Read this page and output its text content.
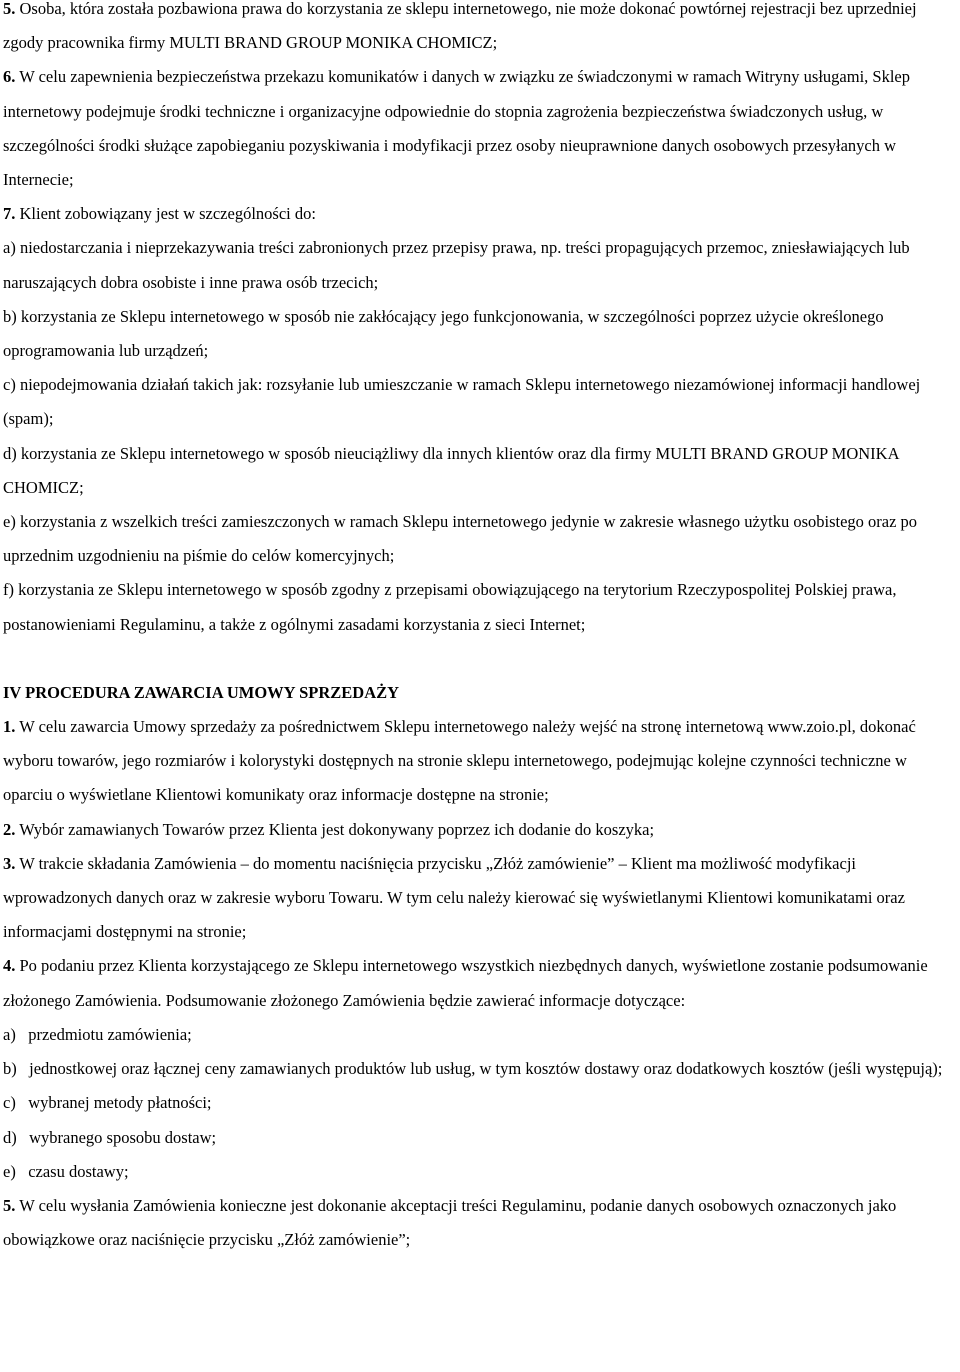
5. Osoba, która została pozbawiona prawa do korzystania ze sklepu internetowego, nie może dokonać powtórnej rejestracji bez uprzedniej zgody pracownika firmy MULTI BRAND GROUP MONIKA CHOMICZ;

6. W celu zapewnienia bezpieczeństwa przekazu komunikatów i danych w związku ze świadczonymi w ramach Witryny usługami, Sklep internetowy podejmuje środki techniczne i organizacyjne odpowiednie do stopnia zagrożenia bezpieczeństwa świadczonych usług, w szczególności środki służące zapobieganiu pozyskiwania i modyfikacji przez osoby nieuprawnione danych osobowych przesyłanych w Internecie;

7. Klient zobowiązany jest w szczególności do:

a) niedostarczania i nieprzekazywania treści zabronionych przez przepisy prawa, np. treści propagujących przemoc, zniesławiających lub naruszających dobra osobiste i inne prawa osób trzecich;

b) korzystania ze Sklepu internetowego w sposób nie zakłócający jego funkcjonowania, w szczególności poprzez użycie określonego oprogramowania lub urządzeń;

c) niepodejmowania działań takich jak: rozsyłanie lub umieszczanie w ramach Sklepu internetowego niezamówionej informacji handlowej (spam);

d) korzystania ze Sklepu internetowego w sposób nieuciążliwy dla innych klientów oraz dla firmy MULTI BRAND GROUP MONIKA CHOMICZ;

e) korzystania z wszelkich treści zamieszczonych w ramach Sklepu internetowego jedynie w zakresie własnego użytku osobistego oraz po uprzednim uzgodnieniu na piśmie do celów komercyjnych;

f) korzystania ze Sklepu internetowego w sposób zgodny z przepisami obowiązującego na terytorium Rzeczypospolitej Polskiej prawa, postanowieniami Regulaminu, a także z ogólnymi zasadami korzystania z sieci Internet;

IV PROCEDURA ZAWARCIA UMOWY SPRZEDAŻY

1. W celu zawarcia Umowy sprzedaży za pośrednictwem Sklepu internetowego należy wejść na stronę internetową www.zoio.pl, dokonać wyboru towarów, jego rozmiarów i kolorystyki dostępnych na stronie sklepu internetowego, podejmując kolejne czynności techniczne w oparciu o wyświetlane Klientowi komunikaty oraz informacje dostępne na stronie;

2. Wybór zamawianych Towarów przez Klienta jest dokonywany poprzez ich dodanie do koszyka;

3. W trakcie składania Zamówienia – do momentu naciśnięcia przycisku „Złóż zamówienie” – Klient ma możliwość modyfikacji wprowadzonych danych oraz w zakresie wyboru Towaru. W tym celu należy kierować się wyświetlanymi Klientowi komunikatami oraz informacjami dostępnymi na stronie;

4. Po podaniu przez Klienta korzystającego ze Sklepu internetowego wszystkich niezbędnych danych, wyświetlone zostanie podsumowanie złożonego Zamówienia. Podsumowanie złożonego Zamówienia będzie zawierać informacje dotyczące:

a)   przedmiotu zamówienia;

b)   jednostkowej oraz łącznej ceny zamawianych produktów lub usług, w tym kosztów dostawy oraz dodatkowych kosztów (jeśli występują);

c)   wybranej metody płatności;

d)   wybranego sposobu dostaw;

e)   czasu dostawy;

5. W celu wysłania Zamówienia konieczne jest dokonanie akceptacji treści Regulaminu, podanie danych osobowych oznaczonych jako obowiązkowe oraz naciśnięcie przycisku „Złóż zamówienie”;
